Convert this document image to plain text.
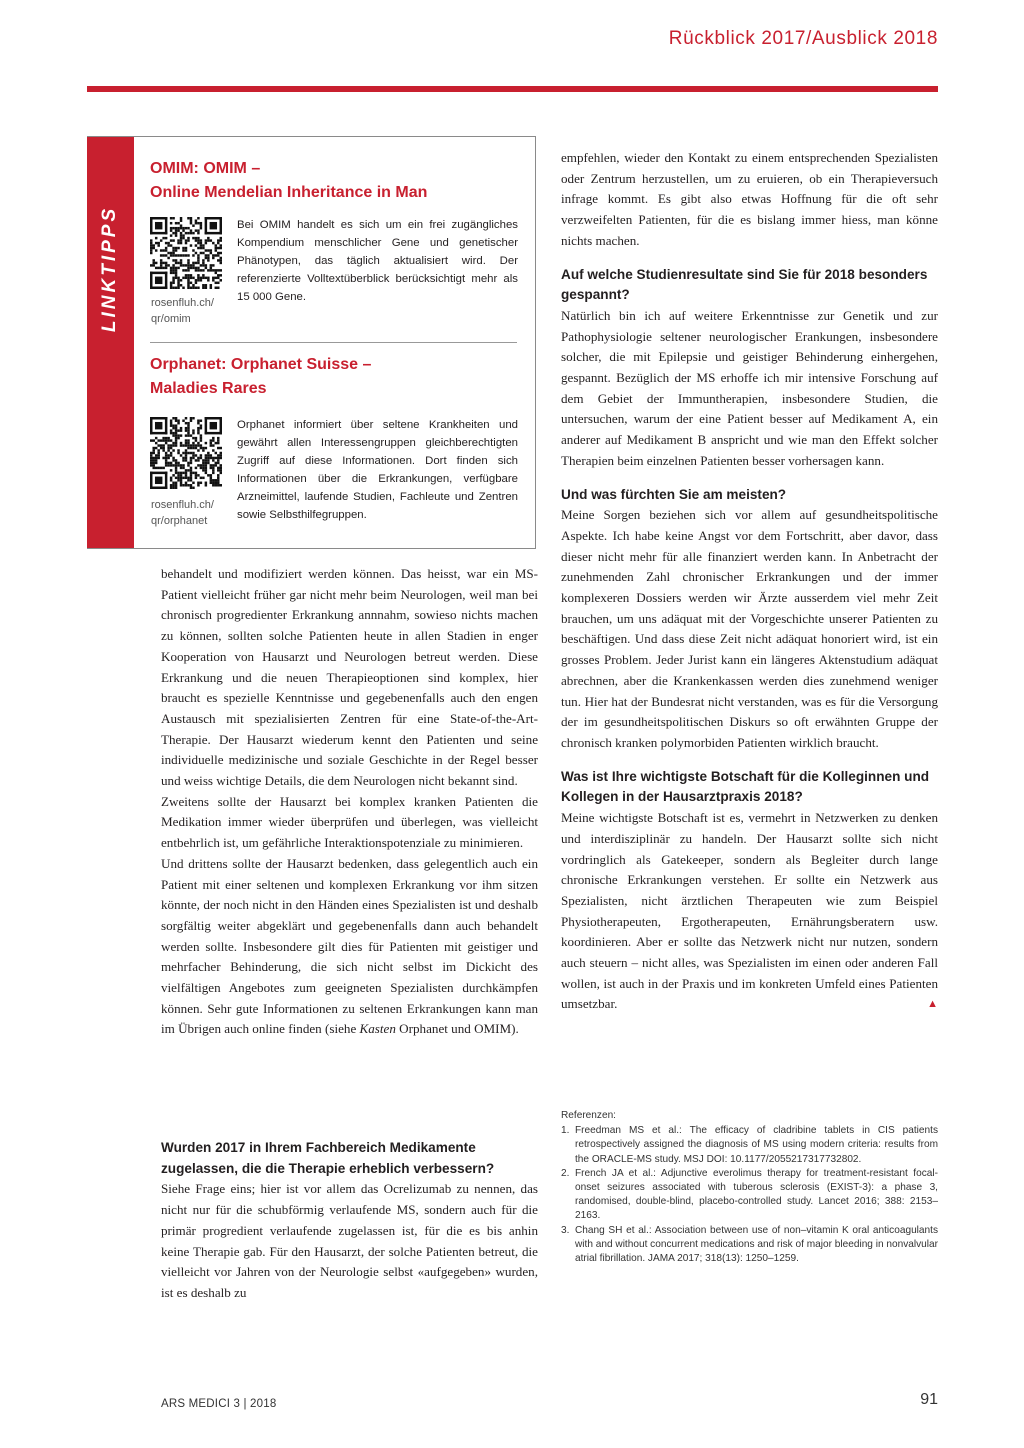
Rückblick 2017/Ausblick 2018
LINKTIPPS
OMIM: OMIM –
Online Mendelian Inheritance in Man
rosenfluh.ch/
qr/omim

Bei OMIM handelt es sich um ein frei zugängliches Kompendium menschlicher Gene und genetischer Phänotypen, das täglich aktualisiert wird. Der referenzierte Volltextüberblick berücksichtigt mehr als 15 000 Gene.

Orphanet: Orphanet Suisse –
Maladies Rares
rosenfluh.ch/
qr/orphanet

Orphanet informiert über seltene Krankheiten und gewährt allen Interessengruppen gleichberechtigten Zugriff auf diese Informationen. Dort finden sich Informationen über die Erkrankungen, verfügbare Arzneimittel, laufende Studien, Fachleute und Zentren sowie Selbsthilfegruppen.

behandelt und modifiziert werden können. Das heisst, war ein MS-Patient vielleicht früher gar nicht mehr beim Neurologen, weil man bei chronisch progredienter Erkrankung annnahm, sowieso nichts machen zu können, sollten solche Patienten heute in allen Stadien in enger Kooperation von Hausarzt und Neurologen betreut werden. Diese Erkrankung und die neuen Therapieoptionen sind komplex, hier braucht es spezielle Kenntnisse und gegebenenfalls auch den engen Austausch mit spezialisierten Zentren für eine State-of-the-Art-Therapie. Der Hausarzt wiederum kennt den Patienten und seine individuelle medizinische und soziale Geschichte in der Regel besser und weiss wichtige Details, die dem Neurologen nicht bekannt sind.

Zweitens sollte der Hausarzt bei komplex kranken Patienten die Medikation immer wieder überprüfen und überlegen, was vielleicht entbehrlich ist, um gefährliche Interaktionspotenziale zu minimieren.

Und drittens sollte der Hausarzt bedenken, dass gelegentlich auch ein Patient mit einer seltenen und komplexen Erkrankung vor ihm sitzen könnte, der noch nicht in den Händen eines Spezialisten ist und deshalb sorgfältig weiter abgeklärt und gegebenenfalls dann auch behandelt werden sollte. Insbesondere gilt dies für Patienten mit geistiger und mehrfacher Behinderung, die sich nicht selbst im Dickicht des vielfältigen Angebotes zum geeigneten Spezialisten durchkämpfen können. Sehr gute Informationen zu seltenen Erkrankungen kann man im Übrigen auch online finden (siehe Kasten Orphanet und OMIM).

Wurden 2017 in Ihrem Fachbereich Medikamente zugelassen, die die Therapie erheblich verbessern?

Siehe Frage eins; hier ist vor allem das Ocrelizumab zu nennen, das nicht nur für die schubförmig verlaufende MS, sondern auch für die primär progredient verlaufende zugelassen ist, für die es bis anhin keine Therapie gab. Für den Hausarzt, der solche Patienten betreut, die vielleicht vor Jahren von der Neurologie selbst «aufgegeben» wurden, ist es deshalb zu

empfehlen, wieder den Kontakt zu einem entsprechenden Spezialisten oder Zentrum herzustellen, um zu eruieren, ob ein Therapieversuch infrage kommt. Es gibt also etwas Hoffnung für die oft sehr verzweifelten Patienten, für die es bislang immer hiess, man könne nichts machen.

Auf welche Studienresultate sind Sie für 2018 besonders gespannt?

Natürlich bin ich auf weitere Erkenntnisse zur Genetik und zur Pathophysiologie seltener neurologischer Erankungen, insbesondere solcher, die mit Epilepsie und geistiger Behinderung einhergehen, gespannt. Bezüglich der MS erhoffe ich mir intensive Forschung auf dem Gebiet der Immuntherapien, insbesondere Studien, die untersuchen, warum der eine Patient besser auf Medikament A, ein anderer auf Medikament B anspricht und wie man den Effekt solcher Therapien beim einzelnen Patienten besser vorhersagen kann.

Und was fürchten Sie am meisten?

Meine Sorgen beziehen sich vor allem auf gesundheitspolitische Aspekte. Ich habe keine Angst vor dem Fortschritt, aber davor, dass dieser nicht mehr für alle finanziert werden kann. In Anbetracht der zunehmenden Zahl chronischer Erkrankungen und der immer komplexeren Dossiers werden wir Ärzte ausserdem viel mehr Zeit brauchen, um uns adäquat mit der Vorgeschichte unserer Patienten zu beschäftigen. Und dass diese Zeit nicht adäquat honoriert wird, ist ein grosses Problem. Jeder Jurist kann ein längeres Aktenstudium adäquat abrechnen, aber die Krankenkassen werden dies zunehmend weniger tun. Hier hat der Bundesrat nicht verstanden, was es für die Versorgung der im gesundheitspolitischen Diskurs so oft erwähnten Gruppe der chronisch kranken polymorbiden Patienten wirklich braucht.

Was ist Ihre wichtigste Botschaft für die Kolleginnen und Kollegen in der Hausarztpraxis 2018?

Meine wichtigste Botschaft ist es, vermehrt in Netzwerken zu denken und interdisziplinär zu handeln. Der Hausarzt sollte sich nicht vordringlich als Gatekeeper, sondern als Begleiter durch lange chronische Erkrankungen verstehen. Er sollte ein Netzwerk aus Spezialisten, nicht ärztlichen Therapeuten wie zum Beispiel Physiotherapeuten, Ergotherapeuten, Ernährungsberatern usw. koordinieren. Aber er sollte das Netzwerk nicht nur nutzen, sondern auch steuern – nicht alles, was Spezialisten im einen oder anderen Fall wollen, ist auch in der Praxis und im konkreten Umfeld eines Patienten umsetzbar.	▲

Referenzen:

1. Freedman MS et al.: The efficacy of cladribine tablets in CIS patients retrospectively assigned the diagnosis of MS using modern criteria: results from the ORACLE-MS study. MSJ DOI: 10.1177/2055217317732802.
2. French JA et al.: Adjunctive everolimus therapy for treatment-resistant focal-onset seizures associated with tuberous sclerosis (EXIST-3): a phase 3, randomised, double-blind, placebo-controlled study. Lancet 2016; 388: 2153–2163.
3. Chang SH et al.: Association between use of non–vitamin K oral anticoagulants with and without concurrent medications and risk of major bleeding in nonvalvular atrial fibrillation. JAMA 2017; 318(13): 1250–1259.
ARS MEDICI 3 | 2018	91
